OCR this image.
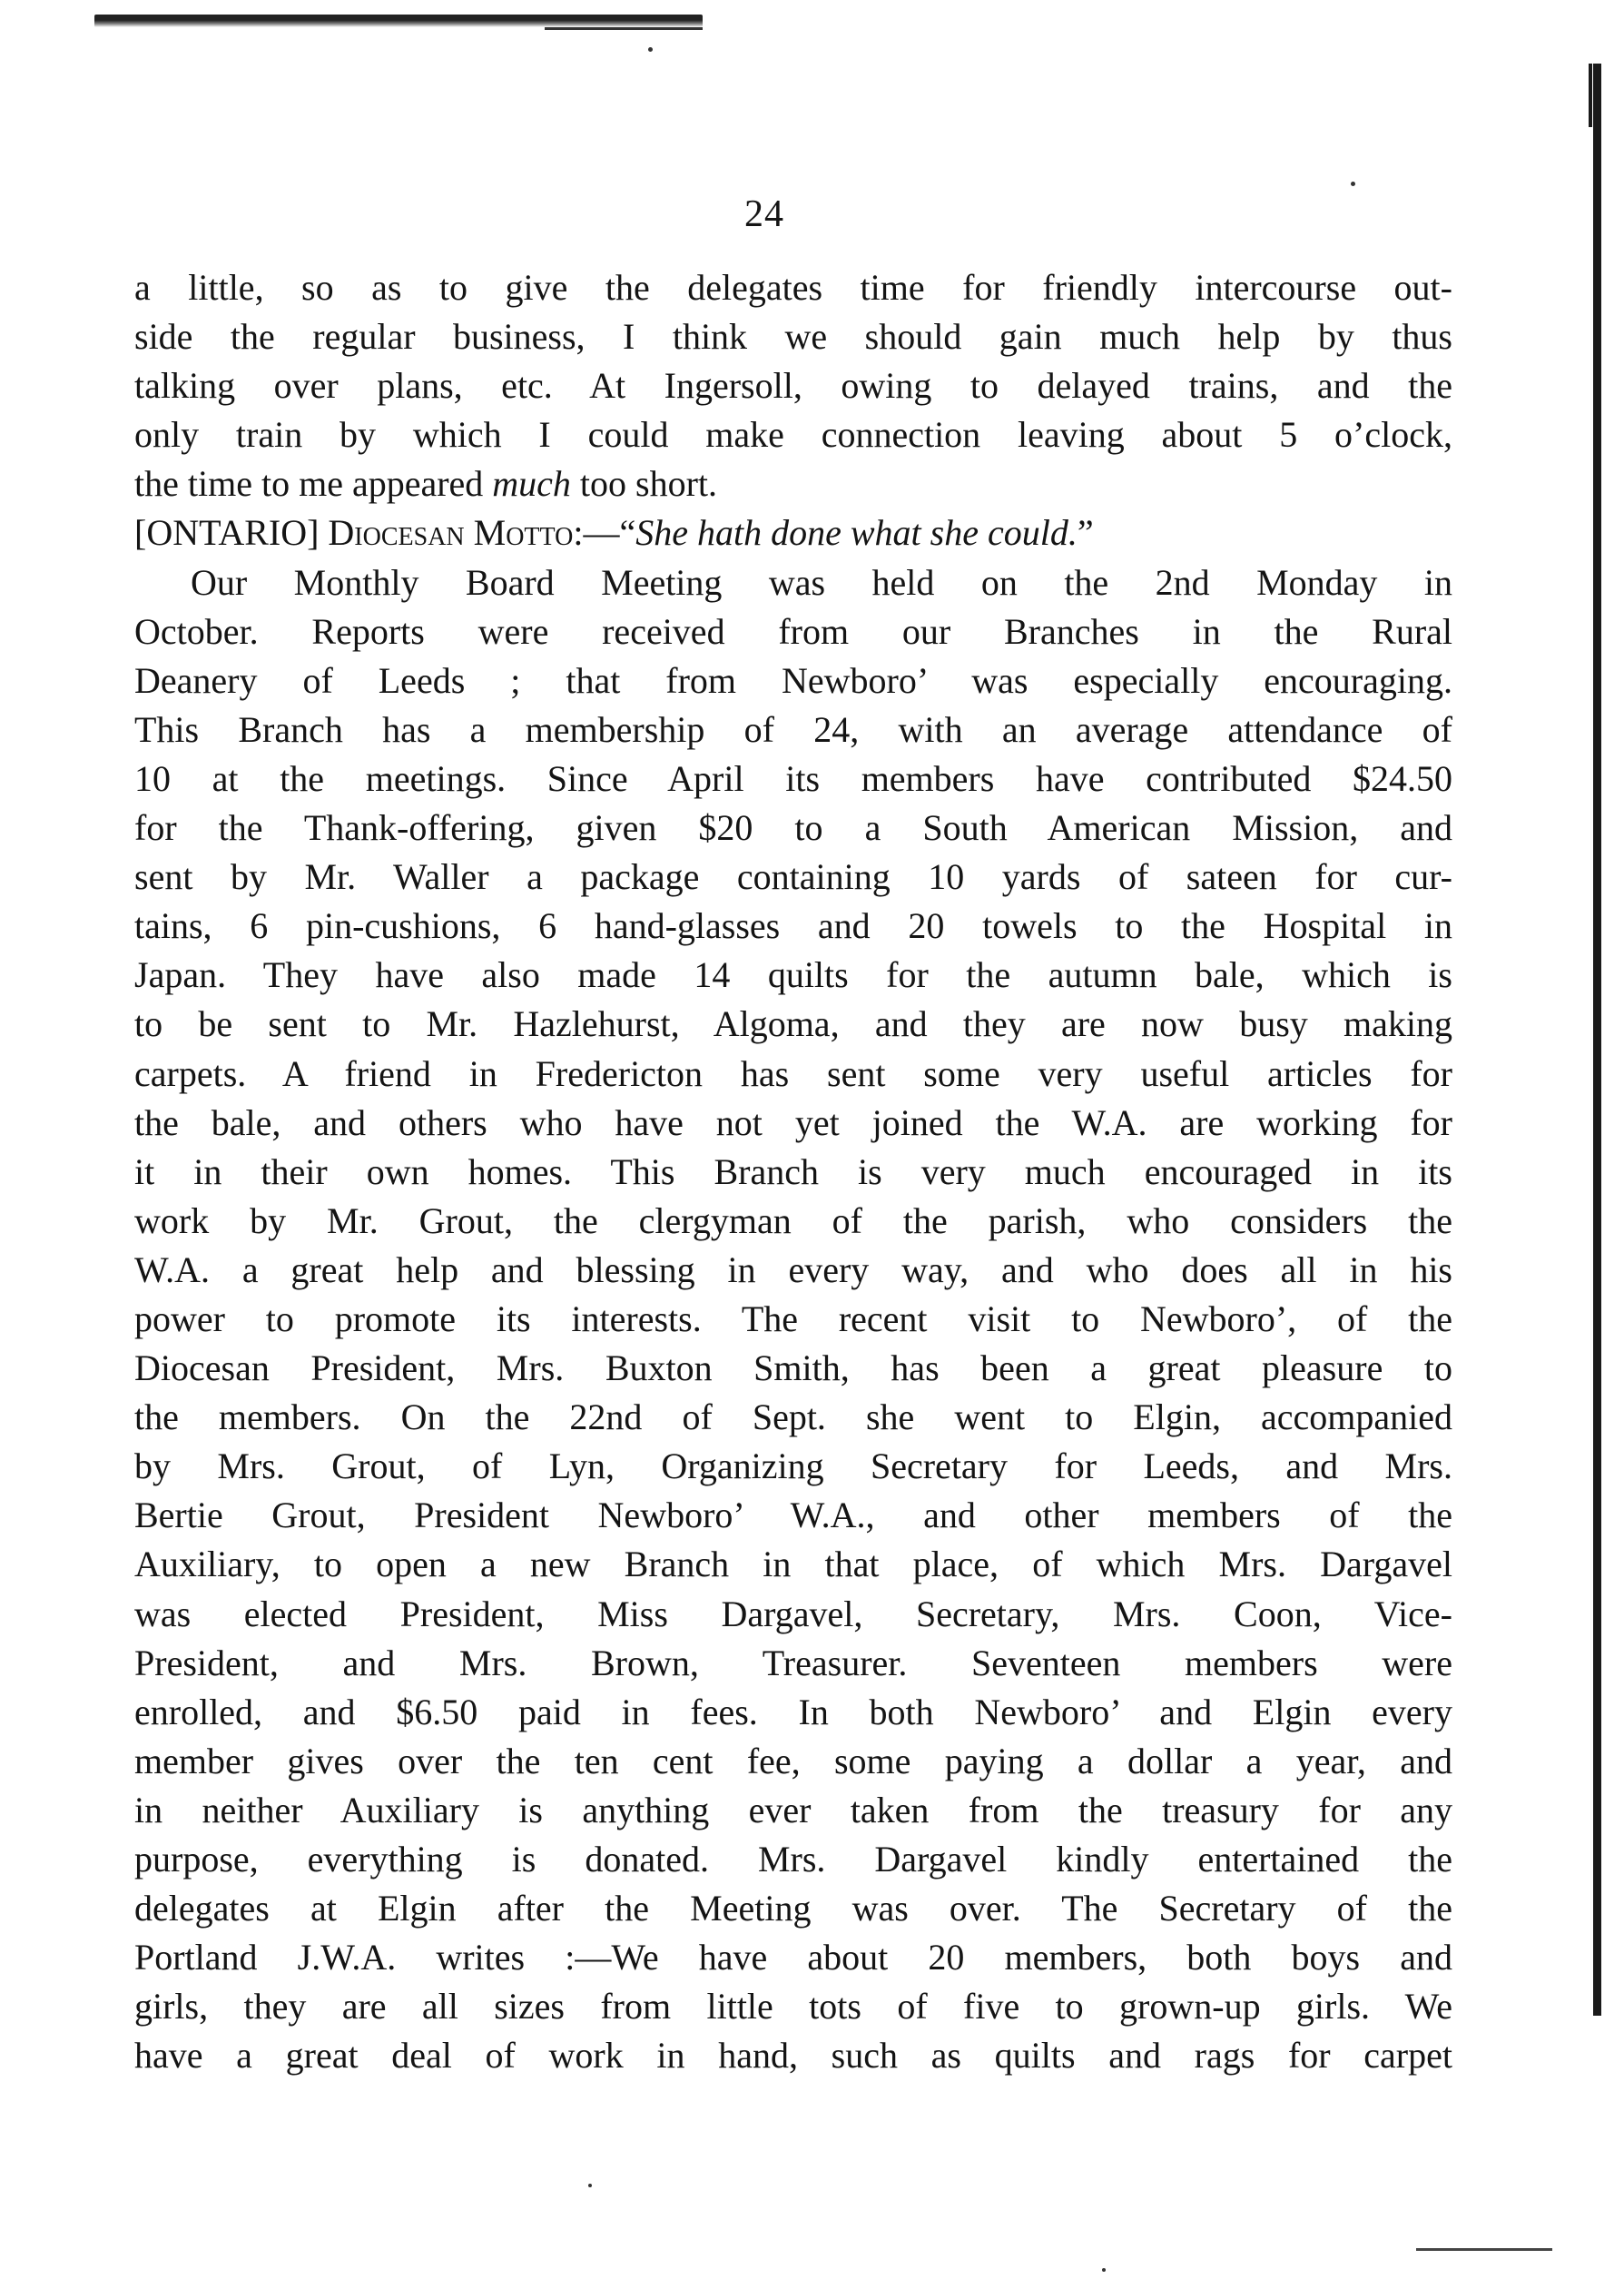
24
a little, so as to give the delegates time for friendly intercourse out-
side the regular business, I think we should gain much help by thus
talking over plans, etc. At Ingersoll, owing to delayed trains, and the
only train by which I could make connection leaving about 5 o’clock,
the time to me appeared much too short.
[ONTARIO] Diocesan Motto:—“She hath done what she could.”
Our Monthly Board Meeting was held on the 2nd Monday in
October. Reports were received from our Branches in the Rural
Deanery of Leeds ; that from Newboro’ was especially encouraging.
This Branch has a membership of 24, with an average attendance of
10 at the meetings. Since April its members have contributed $24.50
for the Thank-offering, given $20 to a South American Mission, and
sent by Mr. Waller a package containing 10 yards of sateen for cur-
tains, 6 pin-cushions, 6 hand-glasses and 20 towels to the Hospital in
Japan. They have also made 14 quilts for the autumn bale, which is
to be sent to Mr. Hazlehurst, Algoma, and they are now busy making
carpets. A friend in Fredericton has sent some very useful articles for
the bale, and others who have not yet joined the W.A. are working for
it in their own homes. This Branch is very much encouraged in its
work by Mr. Grout, the clergyman of the parish, who considers the
W.A. a great help and blessing in every way, and who does all in his
power to promote its interests. The recent visit to Newboro’, of the
Diocesan President, Mrs. Buxton Smith, has been a great pleasure to
the members. On the 22nd of Sept. she went to Elgin, accompanied
by Mrs. Grout, of Lyn, Organizing Secretary for Leeds, and Mrs.
Bertie Grout, President Newboro’ W.A., and other members of the
Auxiliary, to open a new Branch in that place, of which Mrs. Dargavel
was elected President, Miss Dargavel, Secretary, Mrs. Coon, Vice-
President, and Mrs. Brown, Treasurer. Seventeen members were
enrolled, and $6.50 paid in fees. In both Newboro’ and Elgin every
member gives over the ten cent fee, some paying a dollar a year, and
in neither Auxiliary is anything ever taken from the treasury for any
purpose, everything is donated. Mrs. Dargavel kindly entertained the
delegates at Elgin after the Meeting was over. The Secretary of the
Portland J.W.A. writes :—We have about 20 members, both boys and
girls, they are all sizes from little tots of five to grown-up girls. We
have a great deal of work in hand, such as quilts and rags for carpet
